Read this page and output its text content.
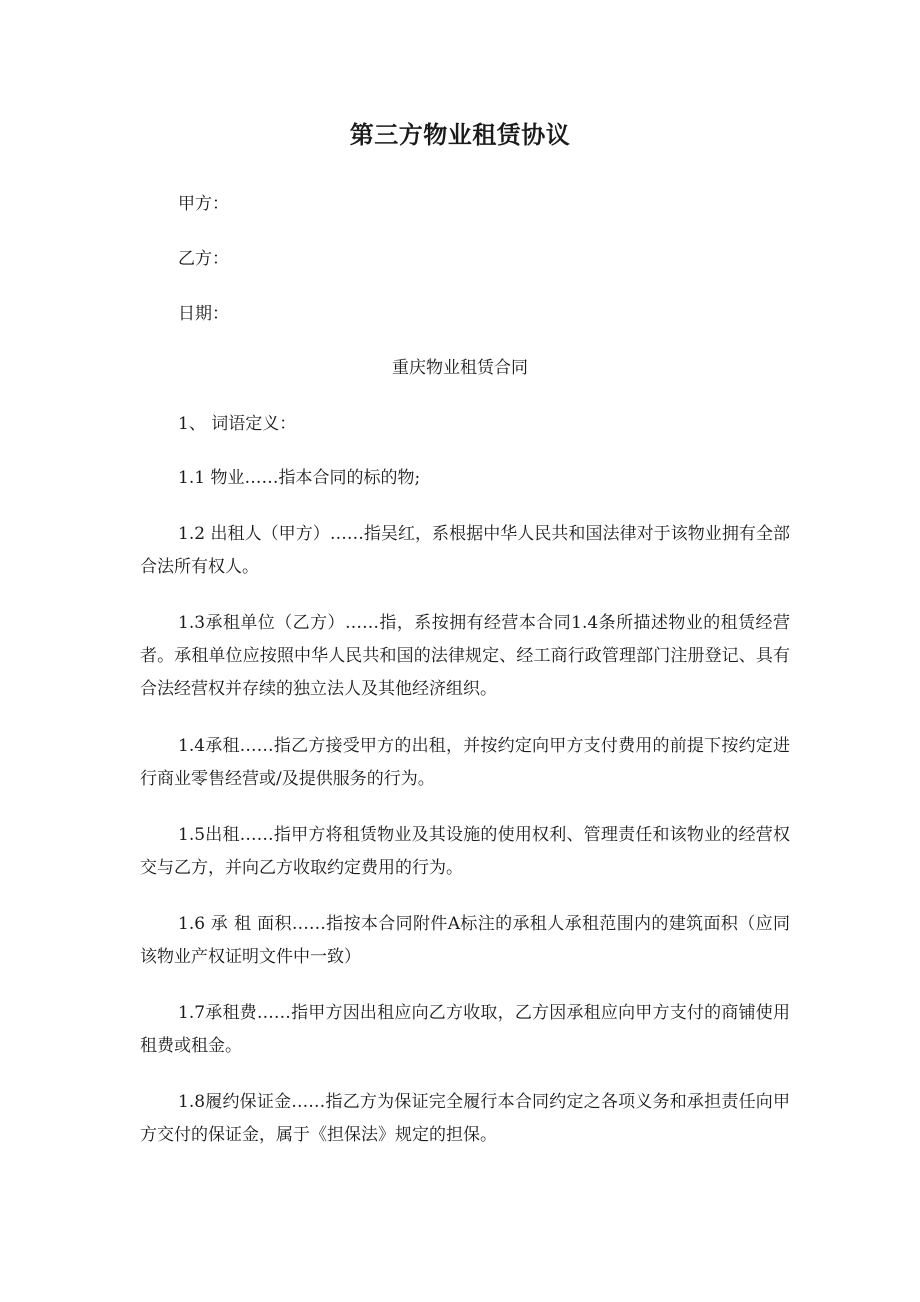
第三方物业租赁协议
甲方：
乙方：
日期：
重庆物业租赁合同
1、 词语定义：
1.1 物业……指本合同的标的物;
1.2 出租人（甲方）……指吴红，系根据中华人民共和国法律对于该物业拥有全部合法所有权人。
1.3承租单位（乙方）……指，系按拥有经营本合同1.4条所描述物业的租赁经营者。承租单位应按照中华人民共和国的法律规定、经工商行政管理部门注册登记、具有合法经营权并存续的独立法人及其他经济组织。
1.4承租……指乙方接受甲方的出租，并按约定向甲方支付费用的前提下按约定进行商业零售经营或/及提供服务的行为。
1.5出租……指甲方将租赁物业及其设施的使用权利、管理责任和该物业的经营权交与乙方，并向乙方收取约定费用的行为。
1.6 承 租 面积……指按本合同附件A标注的承租人承租范围内的建筑面积（应同该物业产权证明文件中一致）
1.7承租费……指甲方因出租应向乙方收取，乙方因承租应向甲方支付的商铺使用租费或租金。
1.8履约保证金……指乙方为保证完全履行本合同约定之各项义务和承担责任向甲方交付的保证金，属于《担保法》规定的担保。
